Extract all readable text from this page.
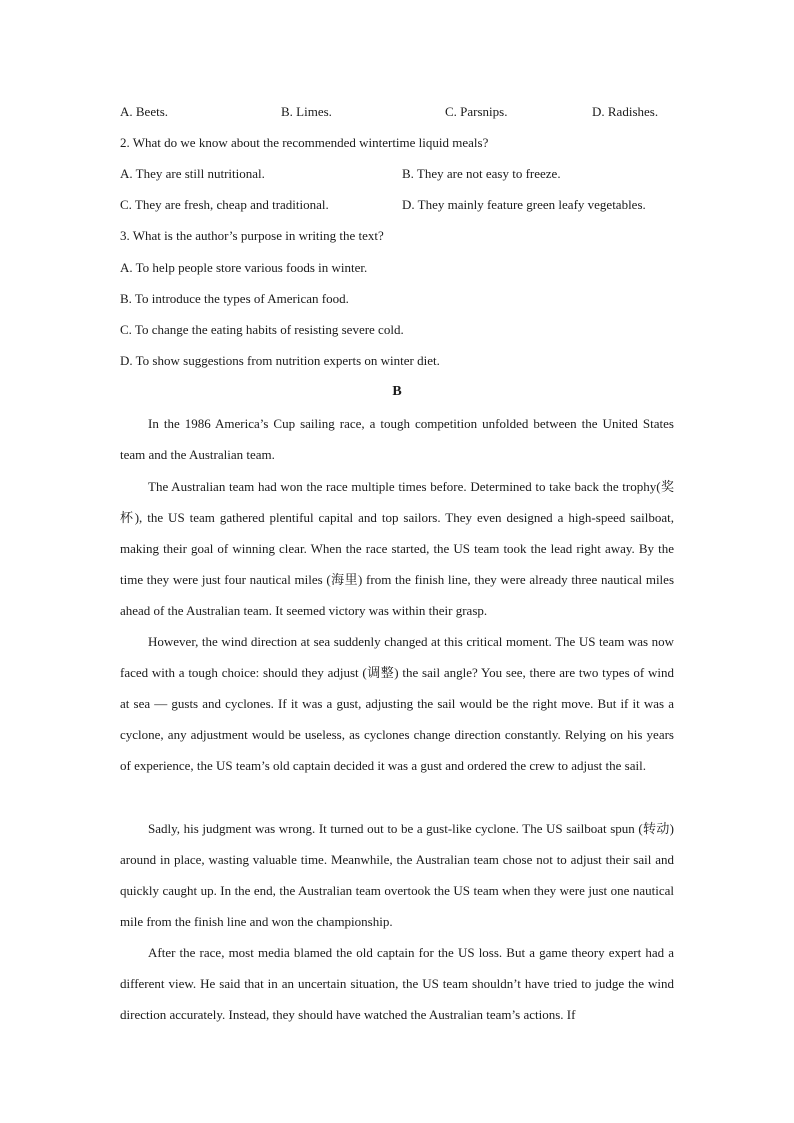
A. Beets.	B. Limes.	C. Parsnips.	D. Radishes.
2. What do we know about the recommended wintertime liquid meals?
A. They are still nutritional.	B. They are not easy to freeze.
C. They are fresh, cheap and traditional.	D. They mainly feature green leafy vegetables.
3. What is the author’s purpose in writing the text?
A. To help people store various foods in winter.
B. To introduce the types of American food.
C. To change the eating habits of resisting severe cold.
D. To show suggestions from nutrition experts on winter diet.
B

In the 1986 America’s Cup sailing race, a tough competition unfolded between the United States team and the Australian team.

The Australian team had won the race multiple times before. Determined to take back the trophy(奖杯), the US team gathered plentiful capital and top sailors. They even designed a high-speed sailboat, making their goal of winning clear. When the race started, the US team took the lead right away. By the time they were just four nautical miles (海里) from the finish line, they were already three nautical miles ahead of the Australian team. It seemed victory was within their grasp.

However, the wind direction at sea suddenly changed at this critical moment. The US team was now faced with a tough choice: should they adjust (调整) the sail angle? You see, there are two types of wind at sea — gusts and cyclones. If it was a gust, adjusting the sail would be the right move. But if it was a cyclone, any adjustment would be useless, as cyclones change direction constantly. Relying on his years of experience, the US team’s old captain decided it was a gust and ordered the crew to adjust the sail.

Sadly, his judgment was wrong. It turned out to be a gust-like cyclone. The US sailboat spun (转动) around in place, wasting valuable time. Meanwhile, the Australian team chose not to adjust their sail and quickly caught up. In the end, the Australian team overtook the US team when they were just one nautical mile from the finish line and won the championship.

After the race, most media blamed the old captain for the US loss. But a game theory expert had a different view. He said that in an uncertain situation, the US team shouldn’t have tried to judge the wind direction accurately. Instead, they should have watched the Australian team’s actions. If
